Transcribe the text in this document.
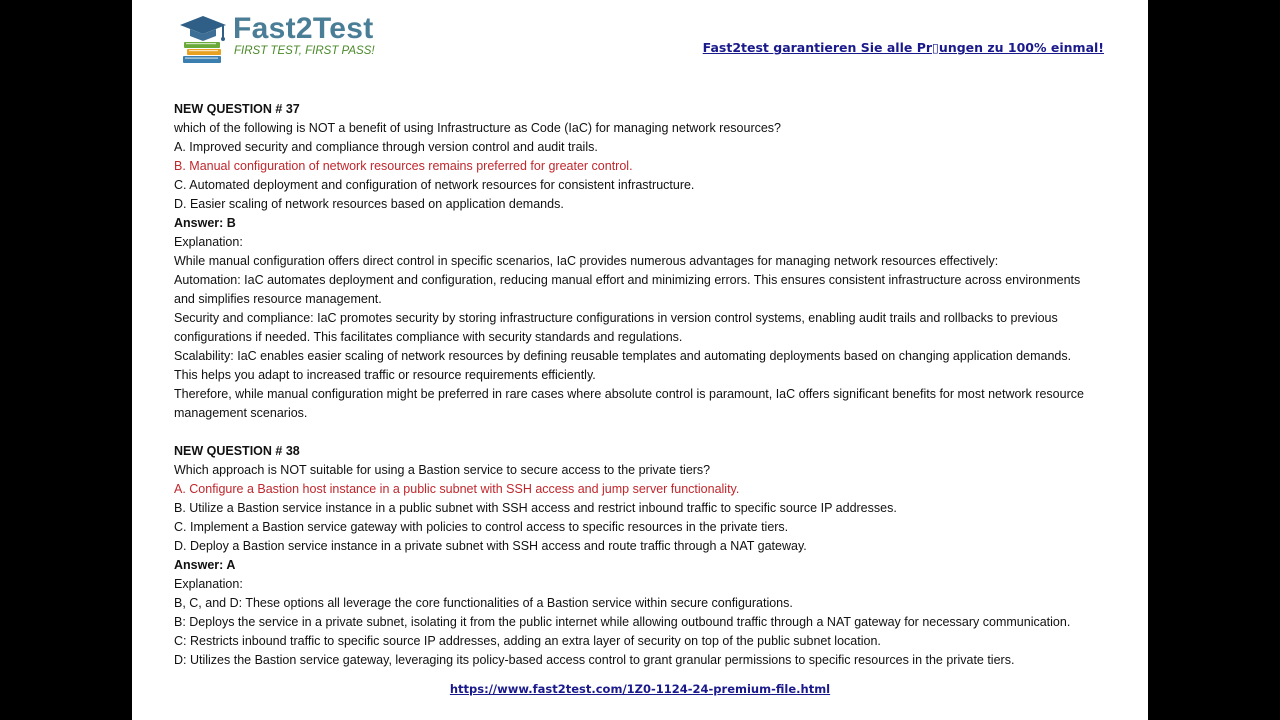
Fast2Test
FIRST TEST, FIRST PASS!	Fast2test garantieren Sie alle Pr▯ungen zu 100% einmal!

NEW QUESTION # 37

which of the following is NOT a benefit of using Infrastructure as Code (IaC) for managing network resources?

A. Improved security and compliance through version control and audit trails.

B. Manual configuration of network resources remains preferred for greater control.

C. Automated deployment and configuration of network resources for consistent infrastructure.

D. Easier scaling of network resources based on application demands.

Answer: B

Explanation:

While manual configuration offers direct control in specific scenarios, IaC provides numerous advantages for managing network resources effectively:

Automation: IaC automates deployment and configuration, reducing manual effort and minimizing errors. This ensures consistent infrastructure across environments

and simplifies resource management.

Security and compliance: IaC promotes security by storing infrastructure configurations in version control systems, enabling audit trails and rollbacks to previous

configurations if needed. This facilitates compliance with security standards and regulations.

Scalability: IaC enables easier scaling of network resources by defining reusable templates and automating deployments based on changing application demands.

This helps you adapt to increased traffic or resource requirements efficiently.

Therefore, while manual configuration might be preferred in rare cases where absolute control is paramount, IaC offers significant benefits for most network resource

management scenarios.

NEW QUESTION # 38

Which approach is NOT suitable for using a Bastion service to secure access to the private tiers?

A. Configure a Bastion host instance in a public subnet with SSH access and jump server functionality.

B. Utilize a Bastion service instance in a public subnet with SSH access and restrict inbound traffic to specific source IP addresses.

C. Implement a Bastion service gateway with policies to control access to specific resources in the private tiers.

D. Deploy a Bastion service instance in a private subnet with SSH access and route traffic through a NAT gateway.

Answer: A

Explanation:

B, C, and D: These options all leverage the core functionalities of a Bastion service within secure configurations.

B: Deploys the service in a private subnet, isolating it from the public internet while allowing outbound traffic through a NAT gateway for necessary communication.

C: Restricts inbound traffic to specific source IP addresses, adding an extra layer of security on top of the public subnet location.

D: Utilizes the Bastion service gateway, leveraging its policy-based access control to grant granular permissions to specific resources in the private tiers.

https://www.fast2test.com/1Z0-1124-24-premium-file.html
